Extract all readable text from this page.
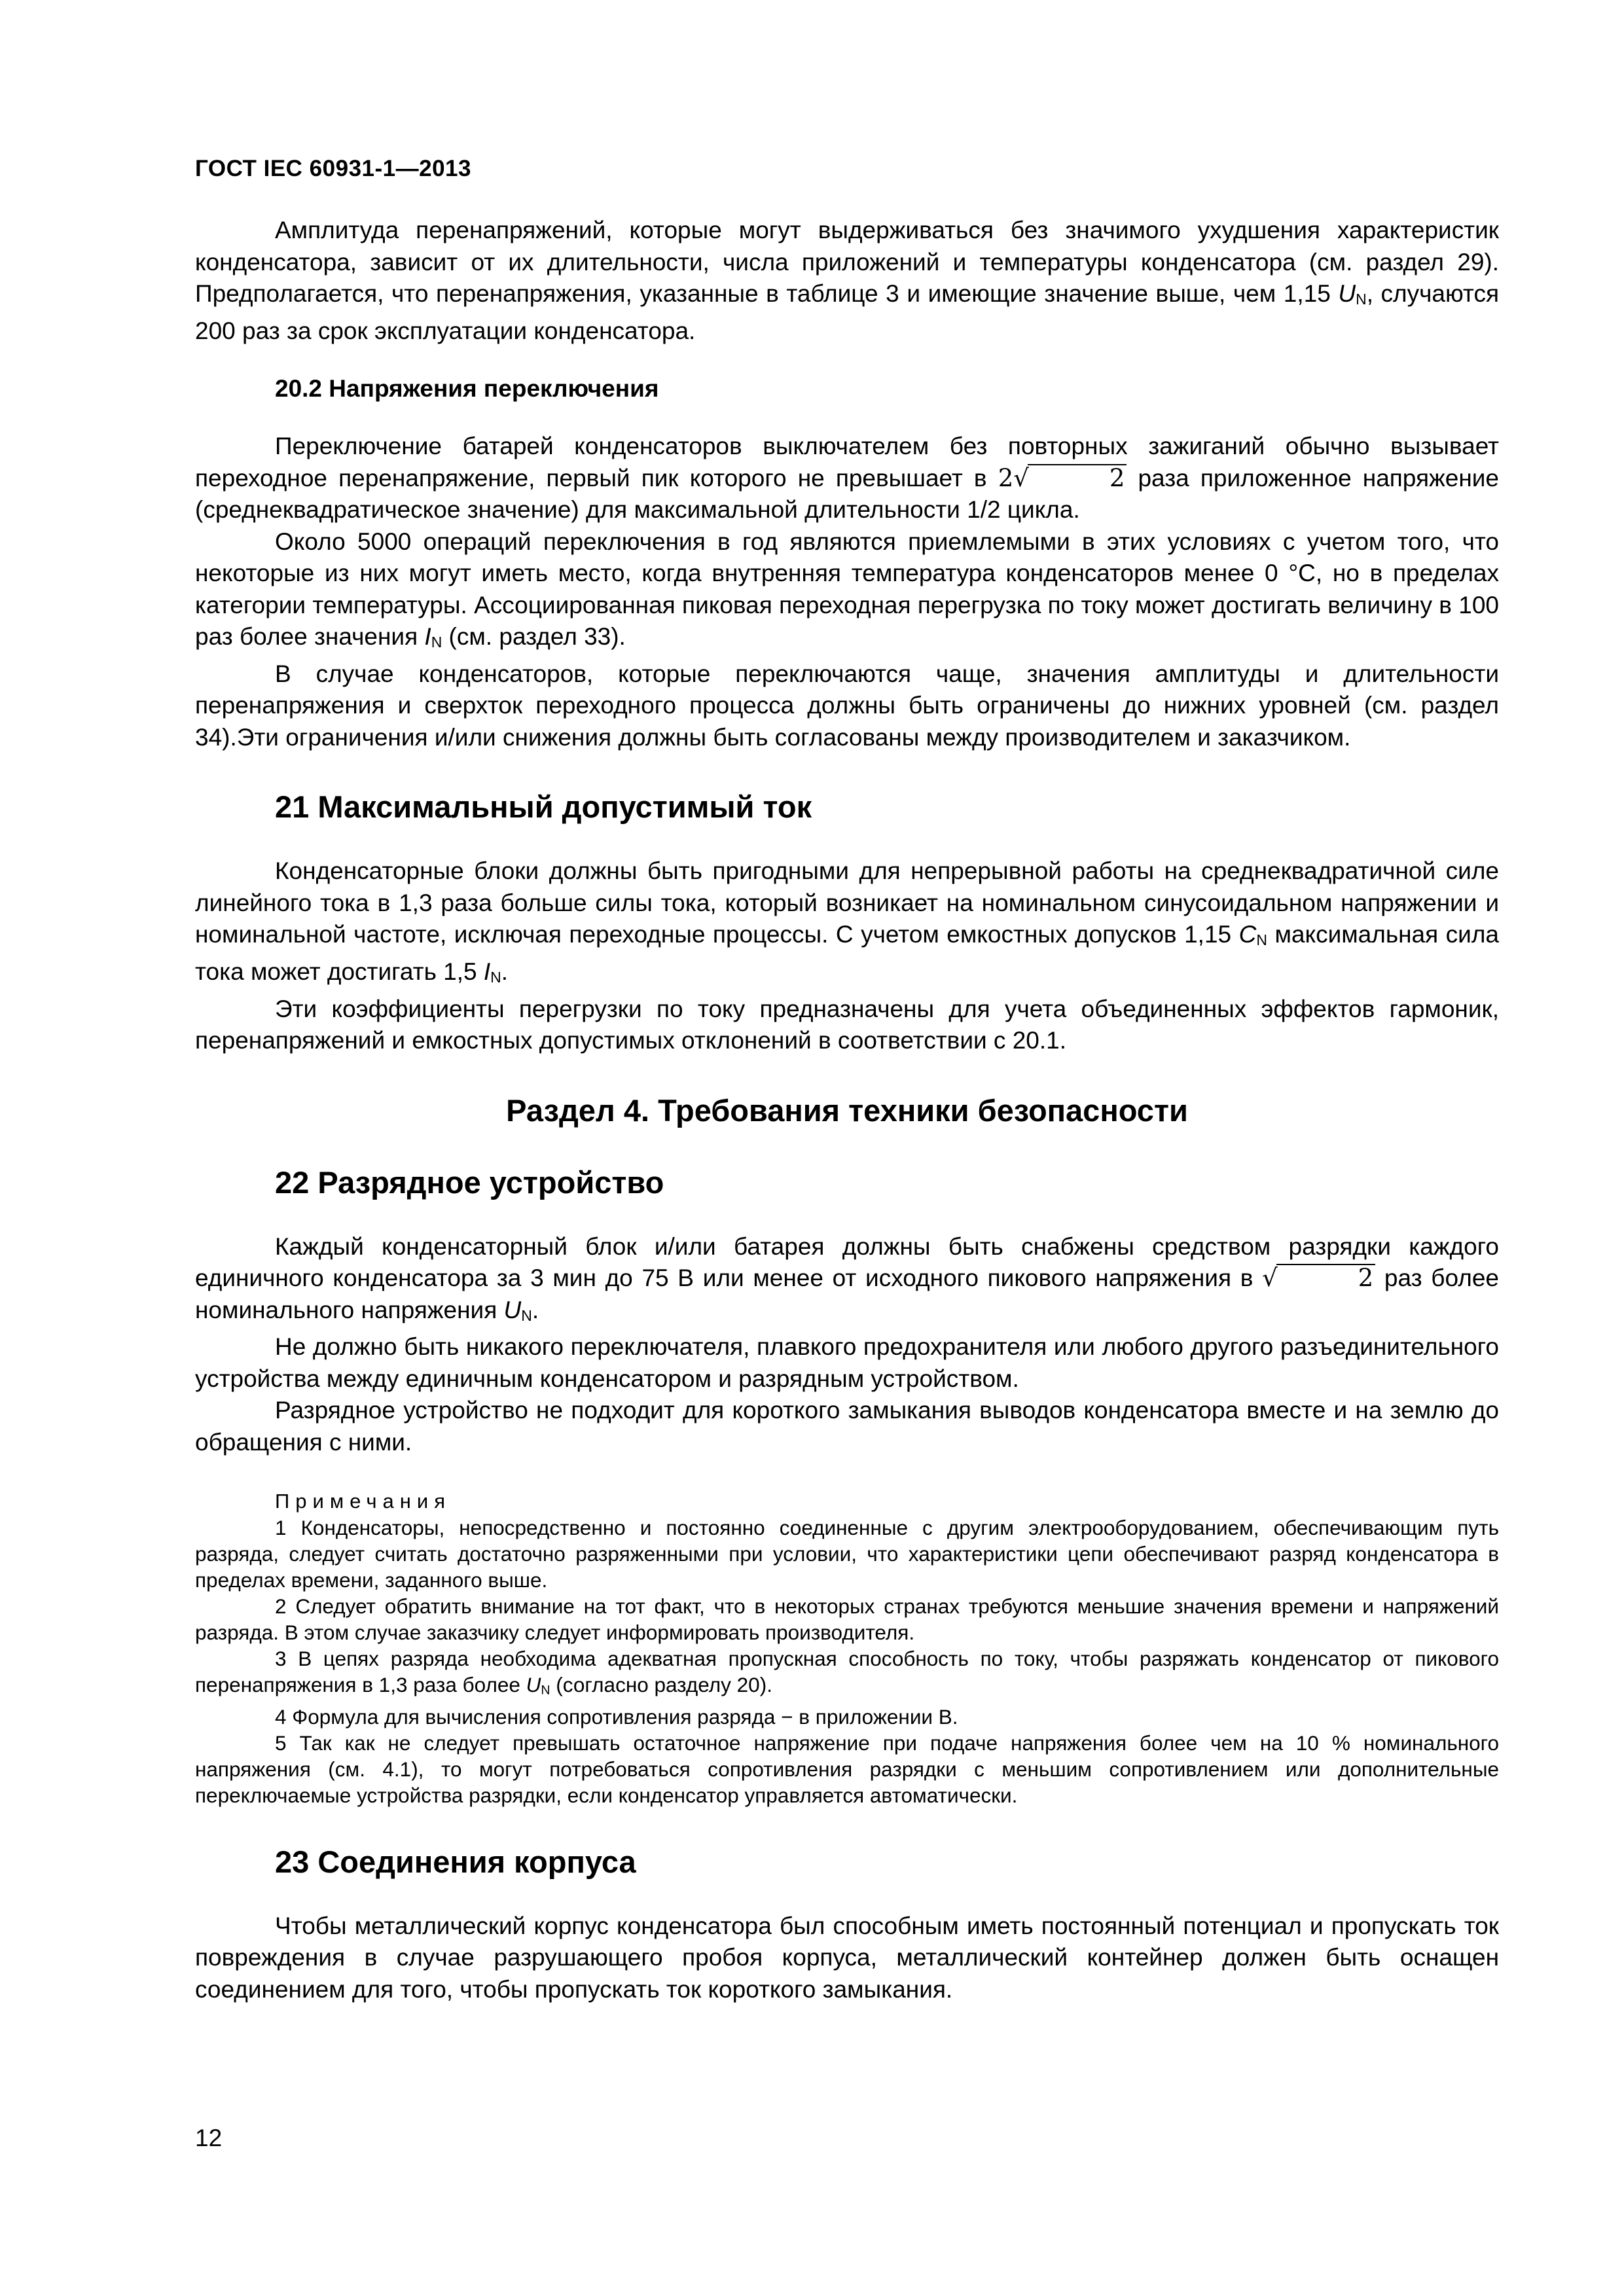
ГОСТ IEC 60931-1—2013

Амплитуда перенапряжений, которые могут выдерживаться без значимого ухудшения характеристик конденсатора, зависит от их длительности, числа приложений и температуры конденсатора (см. раздел 29). Предполагается, что перенапряжения, указанные в таблице 3 и имеющие значение выше, чем 1,15 UN, случаются 200 раз за срок эксплуатации конденсатора.

20.2 Напряжения переключения

Переключение батарей конденсаторов выключателем без повторных зажиганий обычно вызывает переходное перенапряжение, первый пик которого не превышает в 2√	2 раза приложенное напряжение (среднеквадратическое значение) для максимальной длительности 1/2 цикла.

Около 5000 операций переключения в год являются приемлемыми в этих условиях с учетом того, что некоторые из них могут иметь место, когда внутренняя температура конденсаторов менее 0 °С, но в пределах категории температуры. Ассоциированная пиковая переходная перегрузка по току может достигать величину в 100 раз более значения IN (см. раздел 33).

В случае конденсаторов, которые переключаются чаще, значения амплитуды и длительности перенапряжения и сверхток переходного процесса должны быть ограничены до нижних уровней (см. раздел 34).Эти ограничения и/или снижения должны быть согласованы между производителем и заказчиком.

21 Максимальный допустимый ток

Конденсаторные блоки должны быть пригодными для непрерывной работы на среднеквадратичной силе линейного тока в 1,3 раза больше силы тока, который возникает на номинальном синусоидальном напряжении и номинальной частоте, исключая переходные процессы. С учетом емкостных допусков 1,15 CN максимальная сила тока может достигать 1,5 IN.

Эти коэффициенты перегрузки по току предназначены для учета объединенных эффектов гармоник, перенапряжений и емкостных допустимых отклонений в соответствии с 20.1.

Раздел 4. Требования техники безопасности
22 Разрядное устройство

Каждый конденсаторный блок и/или батарея должны быть снабжены средством разрядки каждого единичного конденсатора за 3 мин до 75 В или менее от исходного пикового напряжения в √	2 раз более номинального напряжения UN.

Не должно быть никакого переключателя, плавкого предохранителя или любого другого разъединительного устройства между единичным конденсатором и разрядным устройством.

Разрядное устройство не подходит для короткого замыкания выводов конденсатора вместе и на землю до обращения с ними.

Примечания

1 Конденсаторы, непосредственно и постоянно соединенные с другим электрооборудованием, обеспечивающим путь разряда, следует считать достаточно разряженными при условии, что характеристики цепи обеспечивают разряд конденсатора в пределах времени, заданного выше.

2 Следует обратить внимание на тот факт, что в некоторых странах требуются меньшие значения времени и напряжений разряда. В этом случае заказчику следует информировать производителя.

3 В цепях разряда необходима адекватная пропускная способность по току, чтобы разряжать конденсатор от пикового перенапряжения в 1,3 раза более UN (согласно разделу 20).

4 Формула для вычисления сопротивления разряда − в приложении В.

5 Так как не следует превышать остаточное напряжение при подаче напряжения более чем на 10 % номинального напряжения (см. 4.1), то могут потребоваться сопротивления разрядки с меньшим сопротивлением или дополнительные переключаемые устройства разрядки, если конденсатор управляется автоматически.

23 Соединения корпуса

Чтобы металлический корпус конденсатора был способным иметь постоянный потенциал и пропускать ток повреждения в случае разрушающего пробоя корпуса, металлический контейнер должен быть оснащен соединением для того, чтобы пропускать ток короткого замыкания.

12
